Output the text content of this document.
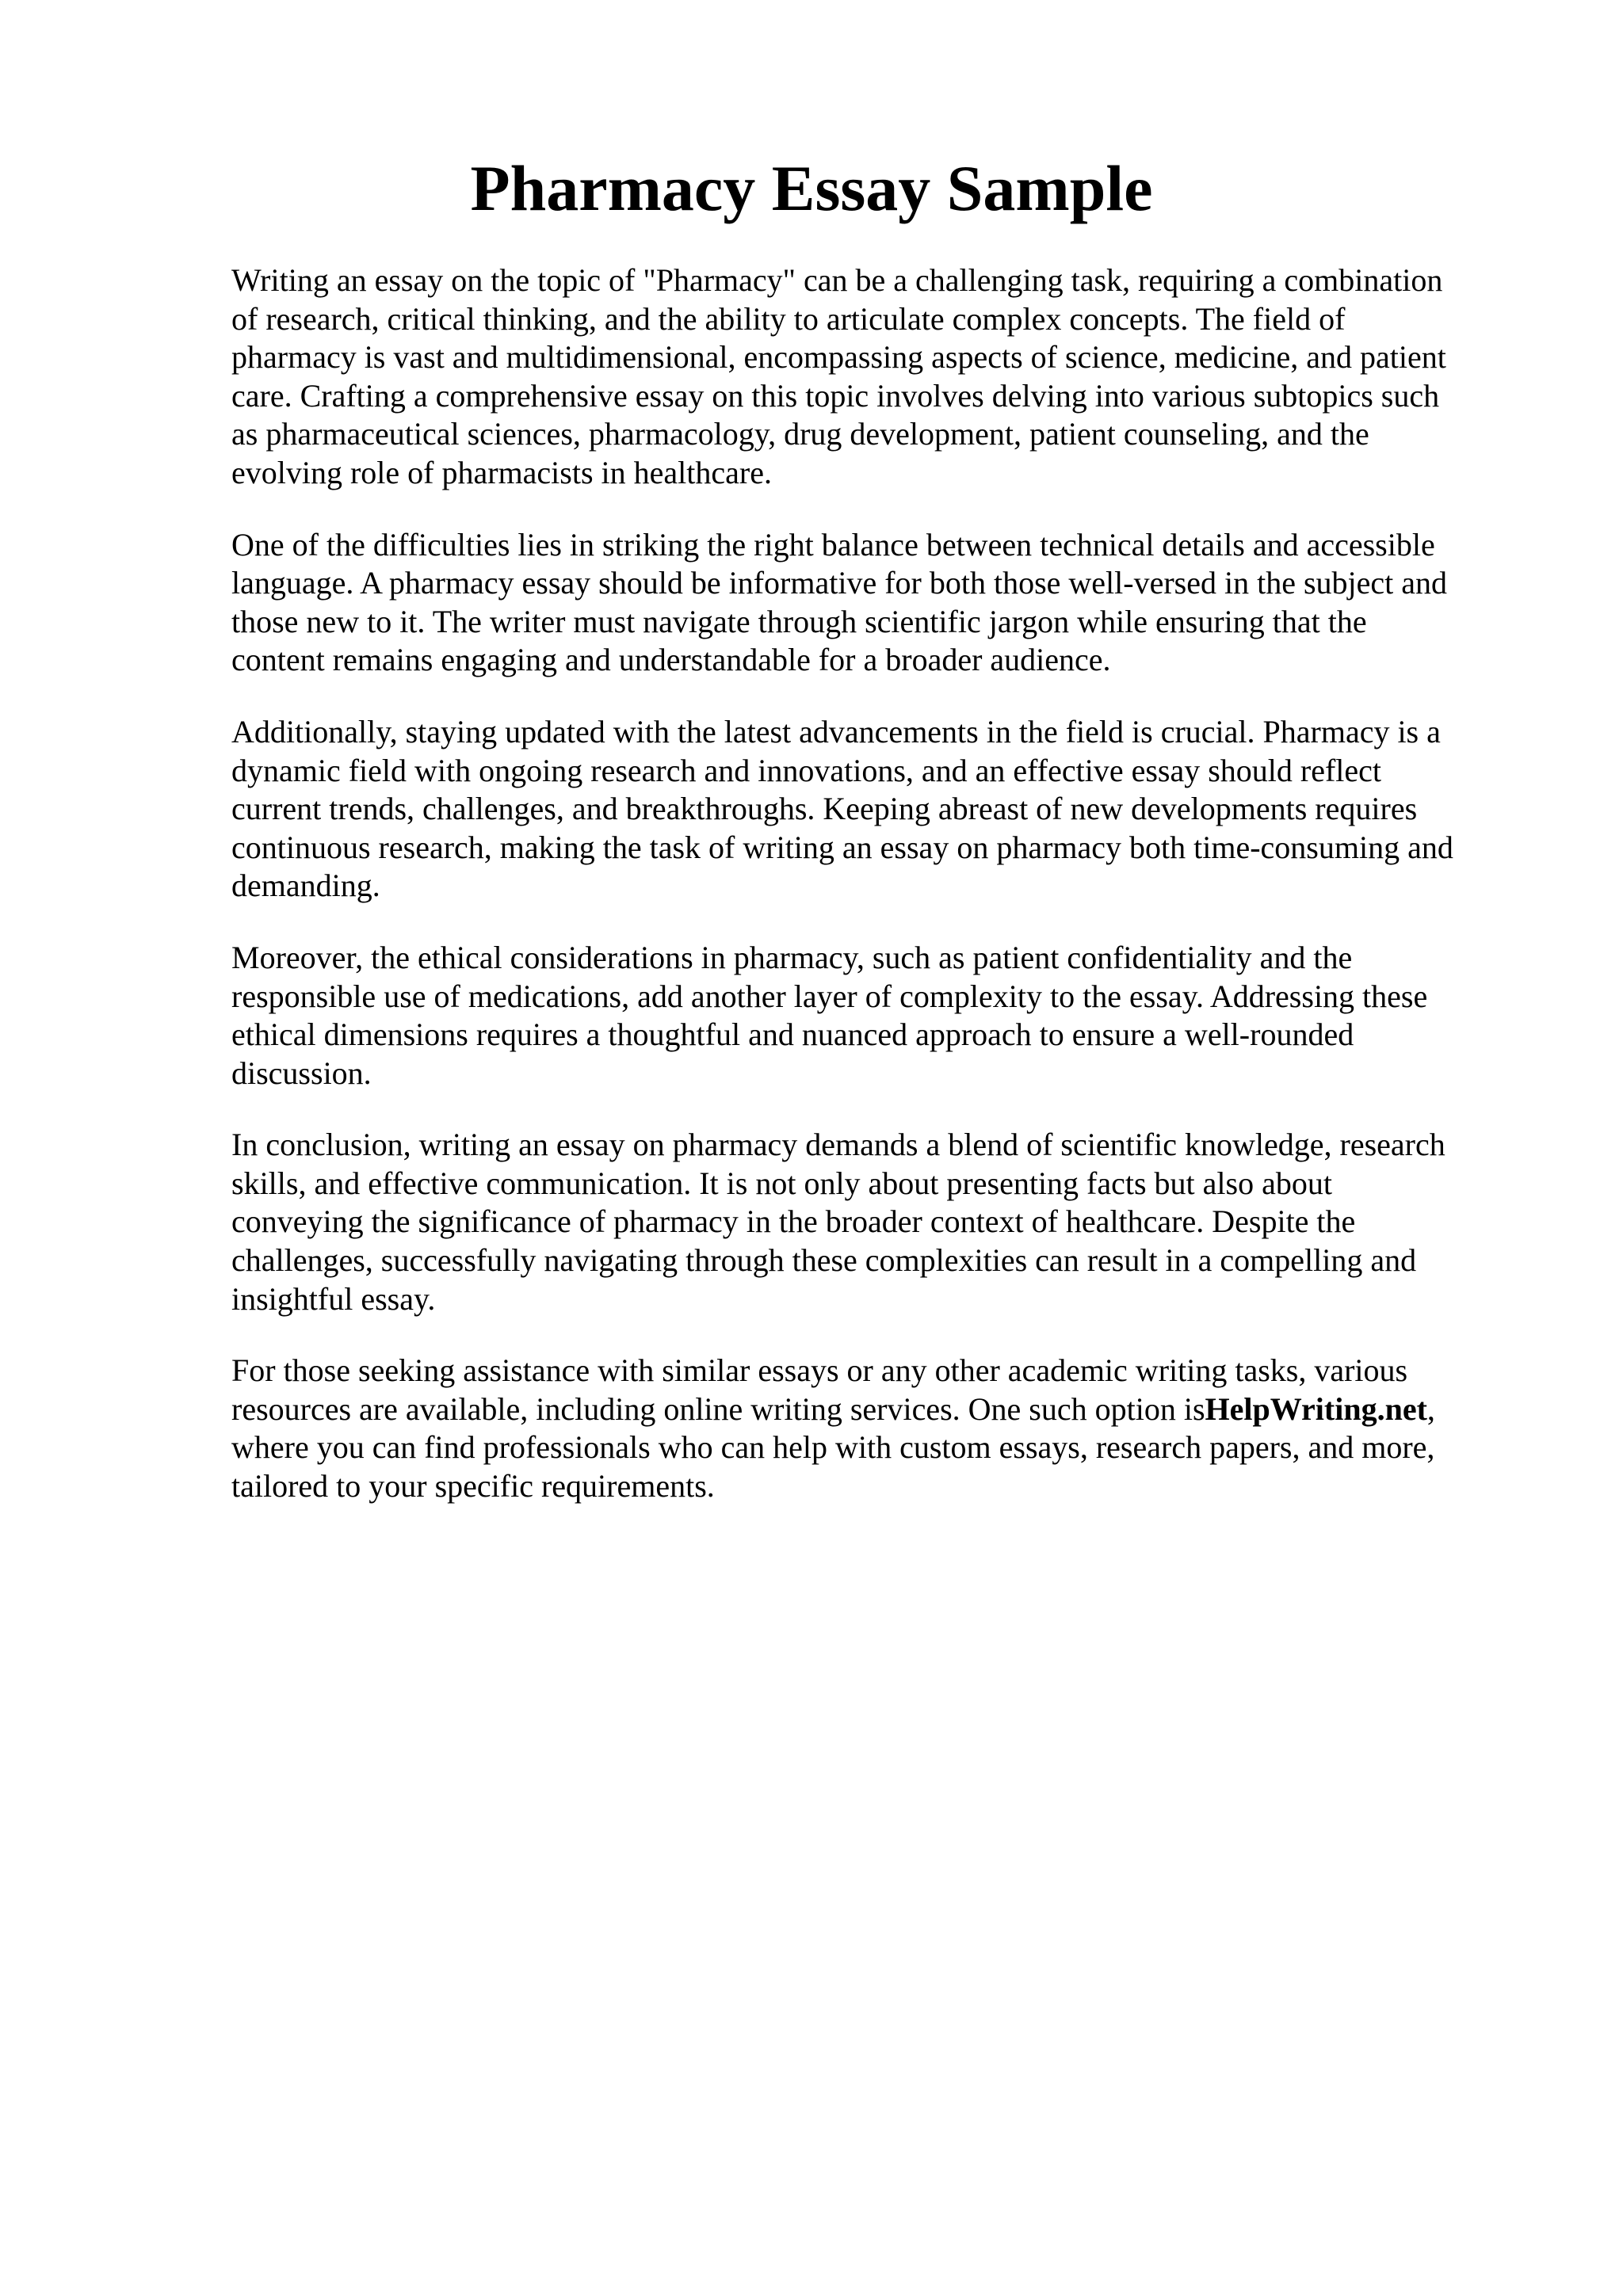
Pharmacy Essay Sample

Writing an essay on the topic of "Pharmacy" can be a challenging task, requiring a combination
of research, critical thinking, and the ability to articulate complex concepts. The field of
pharmacy is vast and multidimensional, encompassing aspects of science, medicine, and patient
care. Crafting a comprehensive essay on this topic involves delving into various subtopics such
as pharmaceutical sciences, pharmacology, drug development, patient counseling, and the
evolving role of pharmacists in healthcare.

One of the difficulties lies in striking the right balance between technical details and accessible
language. A pharmacy essay should be informative for both those well-versed in the subject and
those new to it. The writer must navigate through scientific jargon while ensuring that the
content remains engaging and understandable for a broader audience.

Additionally, staying updated with the latest advancements in the field is crucial. Pharmacy is a
dynamic field with ongoing research and innovations, and an effective essay should reflect
current trends, challenges, and breakthroughs. Keeping abreast of new developments requires
continuous research, making the task of writing an essay on pharmacy both time-consuming and
demanding.

Moreover, the ethical considerations in pharmacy, such as patient confidentiality and the
responsible use of medications, add another layer of complexity to the essay. Addressing these
ethical dimensions requires a thoughtful and nuanced approach to ensure a well-rounded
discussion.

In conclusion, writing an essay on pharmacy demands a blend of scientific knowledge, research
skills, and effective communication. It is not only about presenting facts but also about
conveying the significance of pharmacy in the broader context of healthcare. Despite the
challenges, successfully navigating through these complexities can result in a compelling and
insightful essay.

For those seeking assistance with similar essays or any other academic writing tasks, various
resources are available, including online writing services. One such option isHelpWriting.net,
where you can find professionals who can help with custom essays, research papers, and more,
tailored to your specific requirements.
